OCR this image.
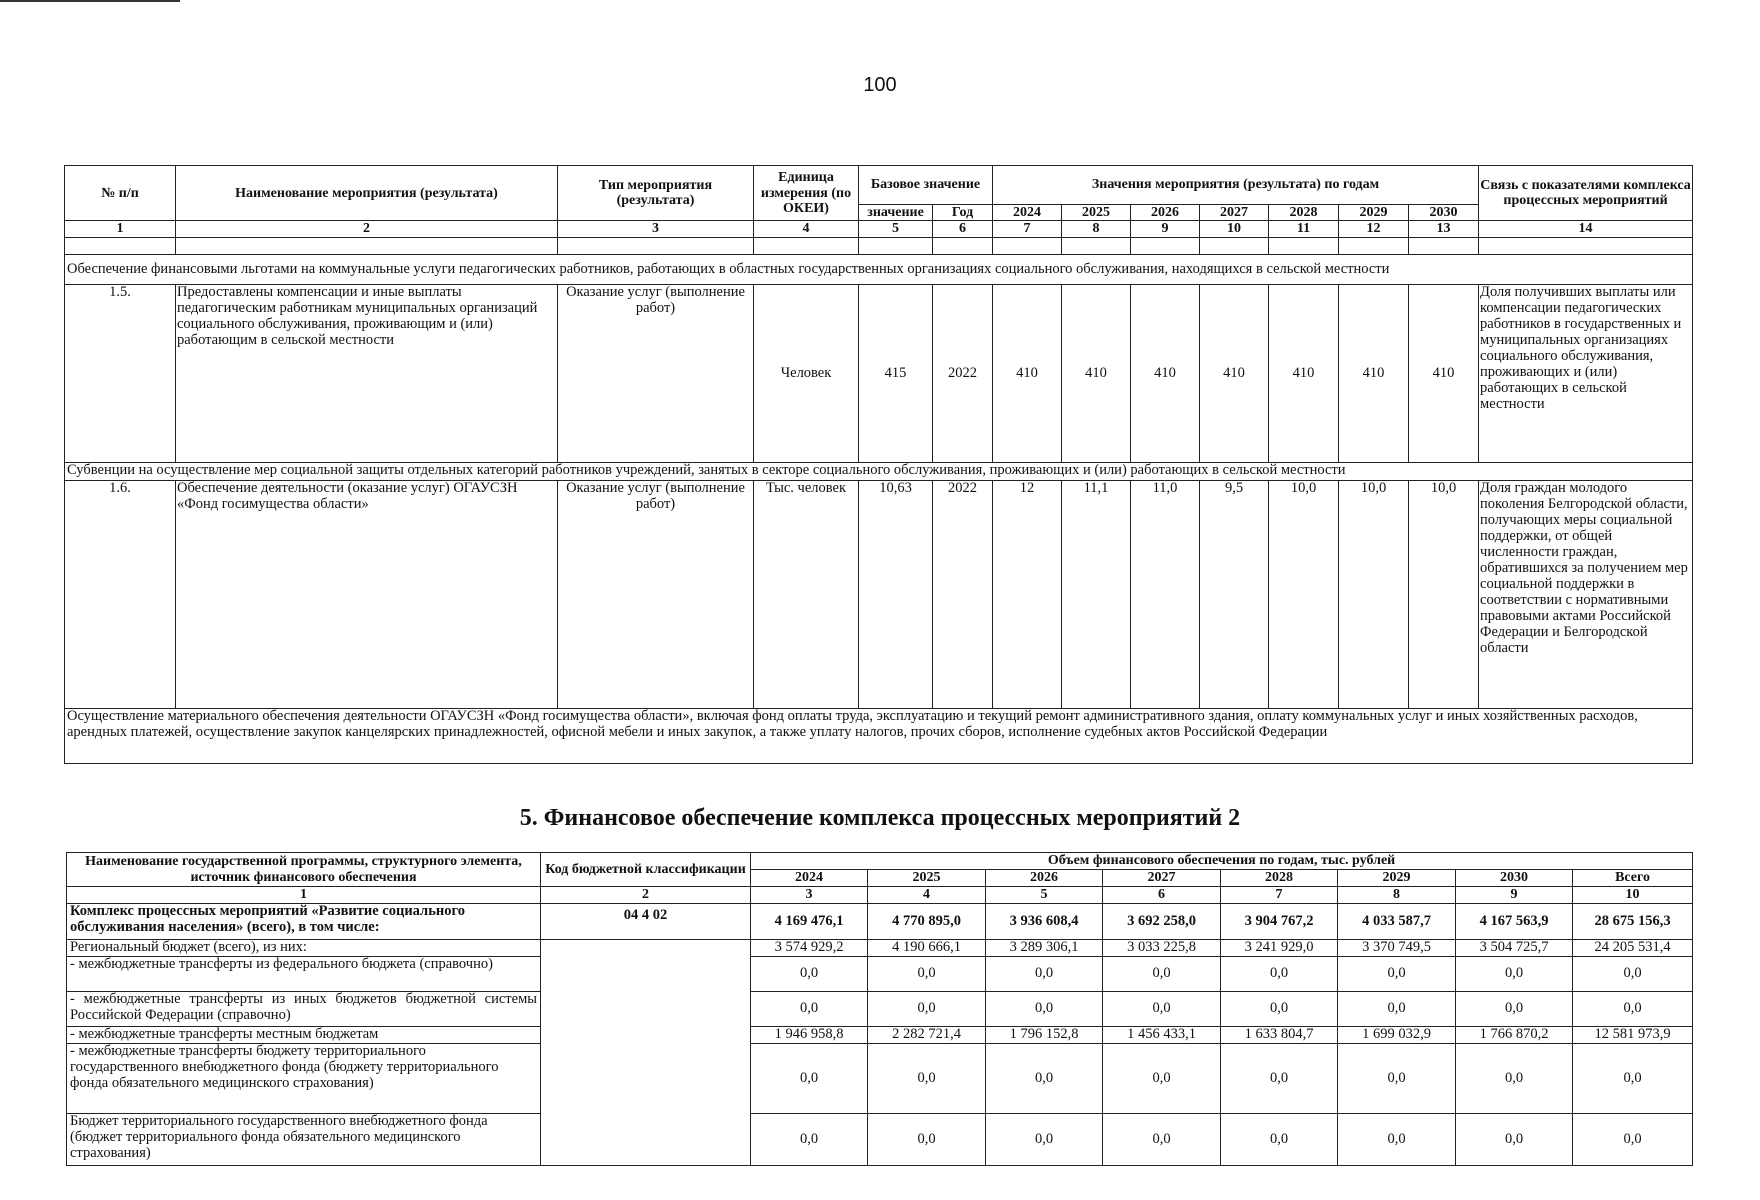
100
№ п/п	Наименование мероприятия (результата)	Тип мероприятия (результата)	Единица измерения (по ОКЕИ)	Базовое значение		Значения мероприятия (результата) по годам							Связь с показателями комплекса процессных мероприятий
				значение	Год	2024	2025	2026	2027	2028	2029	2030	
1	2	3	4	5	6	7	8	9	10	11	12	13	14

Обеспечение финансовыми льготами на коммунальные услуги педагогических работников, работающих в областных государственных организациях социального обслуживания, находящихся в сельской местности													
1.5.	Предоставлены компенсации и иные выплаты педагогическим работникам муниципальных организаций социального обслуживания, проживающим и (или) работающим в сельской местности	Оказание услуг (выполнение работ)	Человек	415	2022	410	410	410	410	410	410	410	Доля получивших выплаты или компенсации педагогических работников в государственных и муниципальных организациях социального обслуживания, проживающих и (или) работающих в сельской местности
Субвенции на осуществление мер социальной защиты отдельных категорий работников учреждений, занятых в секторе социального обслуживания, проживающих и (или) работающих в сельской местности													
1.6.	Обеспечение деятельности (оказание услуг) ОГАУСЗН «Фонд госимущества области»	Оказание услуг (выполнение работ)	Тыс. человек	10,63	2022	12	11,1	11,0	9,5	10,0	10,0	10,0	Доля граждан молодого поколения Белгородской области, получающих меры социальной поддержки, от общей численности граждан, обратившихся за получением мер социальной поддержки в соответствии с нормативными правовыми актами Российской Федерации и Белгородской области
Осуществление материального обеспечения деятельности ОГАУСЗН «Фонд госимущества области», включая фонд оплаты труда, эксплуатацию и текущий ремонт административного здания, оплату коммунальных услуг и иных хозяйственных расходов, арендных платежей, осуществление закупок канцелярских принадлежностей, офисной мебели и иных закупок, а также уплату налогов, прочих сборов, исполнение судебных актов Российской Федерации													
5. Финансовое обеспечение комплекса процессных мероприятий 2
Наименование государственной программы, структурного элемента, источник финансового обеспечения	Код бюджетной классификации	Объем финансового обеспечения по годам, тыс. рублей							
		2024	2025	2026	2027	2028	2029	2030	Всего
1	2	3	4	5	6	7	8	9	10
Комплекс процессных мероприятий «Развитие социального обслуживания населения» (всего), в том числе:	04 4 02	4 169 476,1	4 770 895,0	3 936 608,4	3 692 258,0	3 904 767,2	4 033 587,7	4 167 563,9	28 675 156,3
Региональный бюджет (всего), из них:		3 574 929,2	4 190 666,1	3 289 306,1	3 033 225,8	3 241 929,0	3 370 749,5	3 504 725,7	24 205 531,4
- межбюджетные трансферты из федерального бюджета (справочно)		0,0	0,0	0,0	0,0	0,0	0,0	0,0	0,0
- межбюджетные трансферты из иных бюджетов бюджетной системы Российской Федерации (справочно)		0,0	0,0	0,0	0,0	0,0	0,0	0,0	0,0
- межбюджетные трансферты местным бюджетам		1 946 958,8	2 282 721,4	1 796 152,8	1 456 433,1	1 633 804,7	1 699 032,9	1 766 870,2	12 581 973,9
- межбюджетные трансферты бюджету территориального государственного внебюджетного фонда (бюджету территориального фонда обязательного медицинского страхования)		0,0	0,0	0,0	0,0	0,0	0,0	0,0	0,0
Бюджет территориального государственного внебюджетного фонда (бюджет территориального фонда обязательного медицинского страхования)		0,0	0,0	0,0	0,0	0,0	0,0	0,0	0,0
